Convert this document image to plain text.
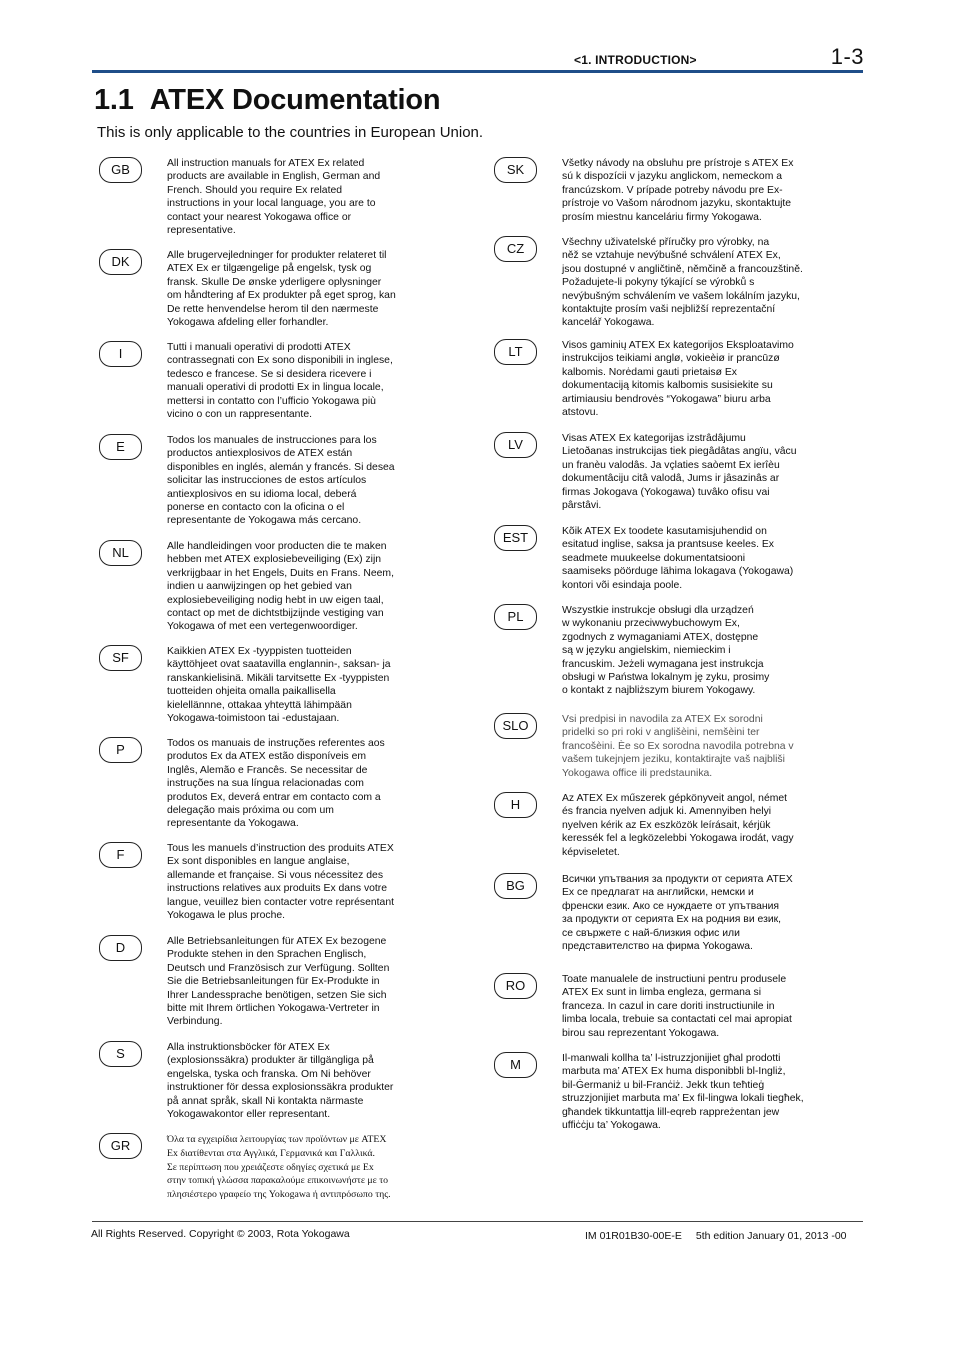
<1. INTRODUCTION>	1-3
1.1 ATEX Documentation
This is only applicable to the countries in European Union.
GB	All instruction manuals for ATEX Ex related
products are available in English, German and
French. Should you require Ex related
instructions in your local language, you are to
contact your nearest Yokogawa office or
representative.
DK	Alle brugervejledninger for produkter relateret til
ATEX Ex er tilgængelige på engelsk, tysk og
fransk. Skulle De ønske yderligere oplysninger
om håndtering af Ex produkter på eget sprog, kan
De rette henvendelse herom til den nærmeste
Yokogawa afdeling eller forhandler.
I	Tutti i manuali operativi di prodotti ATEX
contrassegnati con Ex sono disponibili in inglese,
tedesco e francese. Se si desidera ricevere i
manuali operativi di prodotti Ex in lingua locale,
mettersi in contatto con l’ufficio Yokogawa più
vicino o con un rappresentante.
E	Todos los manuales de instrucciones para los
productos antiexplosivos de ATEX están
disponibles en inglés, alemán y francés. Si desea
solicitar las instrucciones de estos artículos
antiexplosivos en su idioma local, deberá
ponerse en contacto con la oficina o el
representante de Yokogawa más cercano.
NL	Alle handleidingen voor producten die te maken
hebben met ATEX explosiebeveiliging (Ex) zijn
verkrijgbaar in het Engels, Duits en Frans. Neem,
indien u aanwijzingen op het gebied van
explosiebeveiliging nodig hebt in uw eigen taal,
contact op met de dichtstbijzijnde vestiging van
Yokogawa of met een vertegenwoordiger.
SF	Kaikkien ATEX Ex -tyyppisten tuotteiden
käyttöhjeet ovat saatavilla englannin-, saksan- ja
ranskankielisinä. Mikäli tarvitsette Ex -tyyppisten
tuotteiden ohjeita omalla paikallisella
kielellännne, ottakaa yhteyttä lähimpään
Yokogawa-toimistoon tai -edustajaan.
P	Todos os manuais de instruções referentes aos
produtos Ex da ATEX estão disponíveis em
Inglês, Alemão e Francês. Se necessitar de
instruções na sua língua relacionadas com
produtos Ex, deverá entrar em contacto com a
delegação mais próxima ou com um
representante da Yokogawa.
F	Tous les manuels d’instruction des produits ATEX
Ex sont disponibles en langue anglaise,
allemande et française. Si vous nécessitez des
instructions relatives aux produits Ex dans votre
langue, veuillez bien contacter votre représentant
Yokogawa le plus proche.
D	Alle Betriebsanleitungen für ATEX Ex bezogene
Produkte stehen in den Sprachen Englisch,
Deutsch und Französisch zur Verfügung. Sollten
Sie die Betriebsanleitungen für Ex-Produkte in
Ihrer Landessprache benötigen, setzen Sie sich
bitte mit Ihrem örtlichen Yokogawa-Vertreter in
Verbindung.
S	Alla instruktionsböcker för ATEX Ex
(explosionssäkra) produkter är tillgängliga på
engelska, tyska och franska. Om Ni behöver
instruktioner för dessa explosionssäkra produkter
på annat språk, skall Ni kontakta närmaste
Yokogawakontor eller representant.
GR	Όλα τα εγχειρίδια λειτουργίας των προϊόντων με ATEX
Ex διατίθενται στα Αγγλικά, Γερμανικά και Γαλλικά.
Σε περίπτωση που χρειάζεστε οδηγίες σχετικά με Ex
στην τοπική γλώσσα παρακαλούμε επικοινωνήστε με το
πλησιέστερο γραφείο της Yokogawa ή αντιπρόσωπο της.
SK	Všetky návody na obsluhu pre prístroje s ATEX Ex
sú k dispozícii v jazyku anglickom, nemeckom a
francúzskom. V prípade potreby návodu pre Ex-
prístroje vo Vašom národnom jazyku, skontaktujte
prosím miestnu kanceláriu firmy Yokogawa.
CZ	Všechny uživatelské příručky pro výrobky, na
něž se vztahuje nevýbušné schválení ATEX Ex,
jsou dostupné v angličtině, němčině a francouzštině.
Požadujete-li pokyny týkající se výrobků s
nevýbušným schválením ve vašem lokálním jazyku,
kontaktujte prosím vaši nejbližší reprezentační
kancelář Yokogawa.
LT	Visos gaminių ATEX Ex kategorijos Eksploatavimo
instrukcijos teikiami anglø, vokieèiø ir prancūzø
kalbomis. Norėdami gauti prietaisø Ex
dokumentaciją kitomis kalbomis susisiekite su
artimiausiu bendrovės “Yokogawa” biuru arba
atstovu.
LV	Visas ATEX Ex kategorijas izstrâdâjumu
Lietoðanas instrukcijas tiek piegâdâtas angïu, vâcu
un franèu valodâs. Ja vçlaties saòemt Ex ierîèu
dokumentâciju citâ valodâ, Jums ir jâsazinâs ar
firmas Jokogava (Yokogawa) tuvâko ofisu vai
pârstâvi.
EST	Kõik ATEX Ex toodete kasutamisjuhendid on
esitatud inglise, saksa ja prantsuse keeles. Ex
seadmete muukeelse dokumentatsiooni
saamiseks pöörduge lähima lokagava (Yokogawa)
kontori või esindaja poole.
PL	Wszystkie instrukcje obsługi dla urządzeń
w wykonaniu przeciwwybuchowym Ex,
zgodnych z wymaganiami ATEX, dostępne
są w języku angielskim, niemieckim i
francuskim. Jeżeli wymagana jest instrukcja
obsługi w Państwa lokalnym ję zyku, prosimy
o kontakt z najbliższym biurem Yokogawy.
SLO	Vsi predpisi in navodila za ATEX Ex sorodni
pridelki so pri roki v anglišèini, nemšèini ter
francošèini. Èe so Ex sorodna navodila potrebna v
vašem tukejnjem jeziku, kontaktirajte vaš najbliši
Yokogawa office ili predstaunika.
H	Az ATEX Ex műszerek gépkönyveit angol, német
és francia nyelven adjuk ki. Amennyiben helyi
nyelven kérik az Ex eszközök leírásait, kérjük
keressék fel a legközelebbi Yokogawa irodát, vagy
képviseletet.
BG	Всички упътвания за продукти от серията ATEX
Ex се предлагат на английски, немски и
френски език. Ако се нуждаете от упътвания
за продукти от серията Ex на родния ви език,
се свържете с най-близкия офис или
представителство на фирма Yokogawa.
RO	Toate manualele de instructiuni pentru produsele
ATEX Ex sunt in limba engleza, germana si
franceza. In cazul in care doriti instructiunile in
limba locala, trebuie sa contactati cel mai apropiat
birou sau reprezentant Yokogawa.
M	Il-manwali kollha ta’ l-istruzzjonijiet għal prodotti
marbuta ma’ ATEX Ex huma disponibbli bl-Ingliż,
bil-Ġermaniż u bil-Franċiż. Jekk tkun teħtieġ
struzzjonijiet marbuta ma’ Ex fil-lingwa lokali tiegħek,
għandek tikkuntattja lill-eqreb rappreżentan jew
uffiċċju ta’ Yokogawa.
All Rights Reserved. Copyright © 2003, Rota Yokogawa	IM 01R01B30-00E-E 5th edition January 01, 2013 -00
